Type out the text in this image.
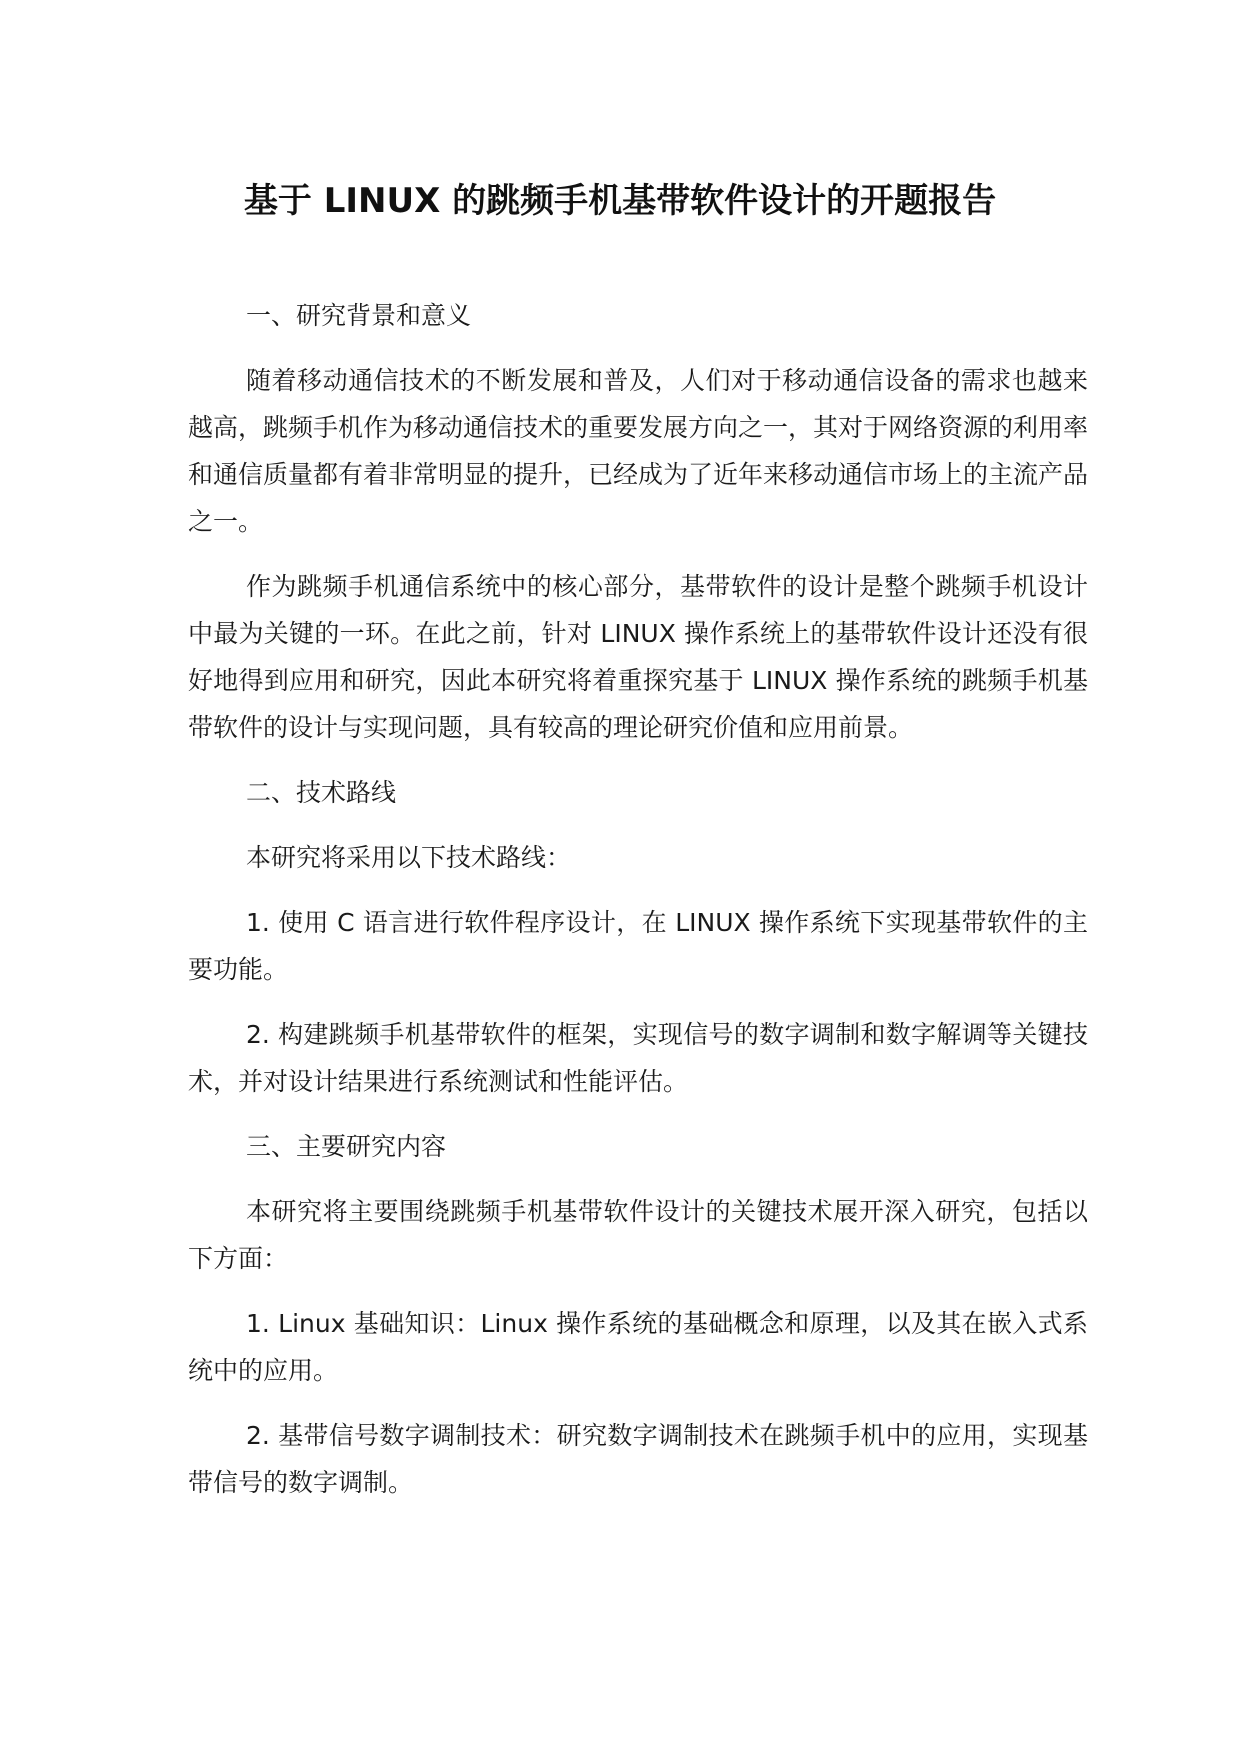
基于 LINUX 的跳频手机基带软件设计的开题报告

一、研究背景和意义

随着移动通信技术的不断发展和普及，人们对于移动通信设备的需求也越来越高，跳频手机作为移动通信技术的重要发展方向之一，其对于网络资源的利用率和通信质量都有着非常明显的提升，已经成为了近年来移动通信市场上的主流产品之一。

作为跳频手机通信系统中的核心部分，基带软件的设计是整个跳频手机设计中最为关键的一环。在此之前，针对 LINUX 操作系统上的基带软件设计还没有很好地得到应用和研究，因此本研究将着重探究基于 LINUX 操作系统的跳频手机基带软件的设计与实现问题，具有较高的理论研究价值和应用前景。

二、技术路线

本研究将采用以下技术路线：

1. 使用 C 语言进行软件程序设计，在 LINUX 操作系统下实现基带软件的主要功能。

2. 构建跳频手机基带软件的框架，实现信号的数字调制和数字解调等关键技术，并对设计结果进行系统测试和性能评估。

三、主要研究内容

本研究将主要围绕跳频手机基带软件设计的关键技术展开深入研究，包括以下方面：

1. Linux 基础知识：Linux 操作系统的基础概念和原理，以及其在嵌入式系统中的应用。

2. 基带信号数字调制技术：研究数字调制技术在跳频手机中的应用，实现基带信号的数字调制。
